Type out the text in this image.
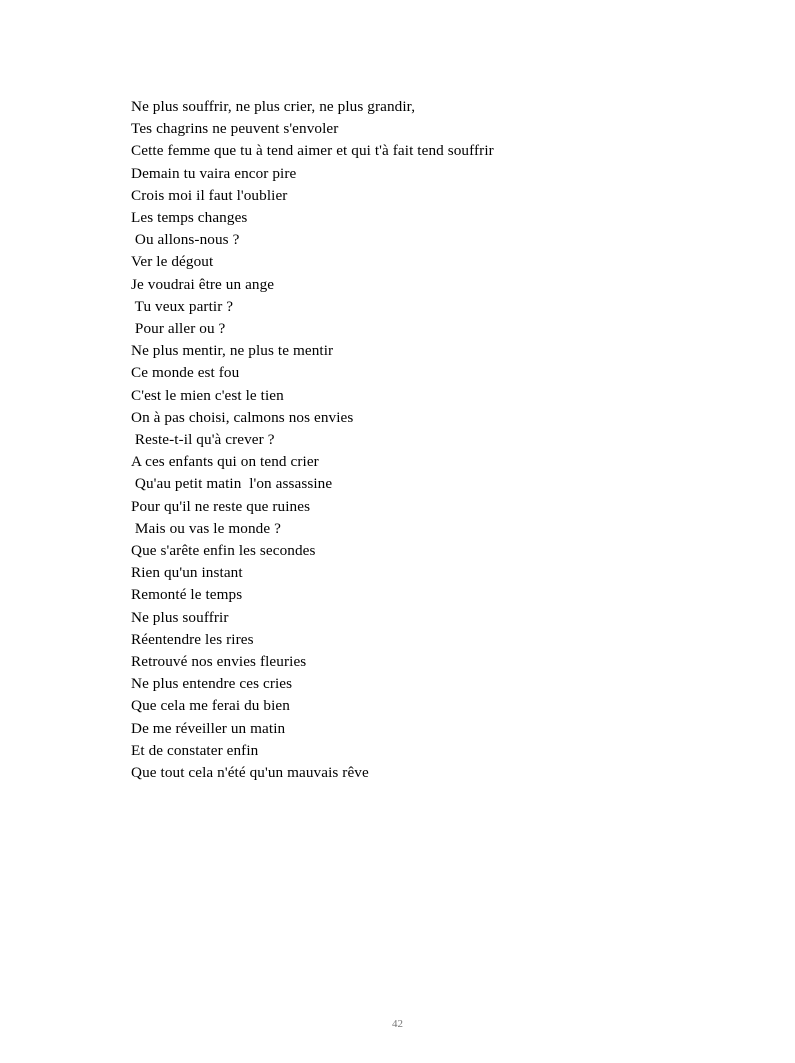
Ne plus souffrir, ne plus crier, ne plus grandir,
Tes chagrins ne peuvent s'envoler
Cette femme que tu à tend aimer et qui t'à fait tend souffrir
Demain tu vaira encor pire
Crois moi il faut l'oublier
Les temps changes
Ou allons-nous ?
Ver le dégout
Je voudrai être un ange
Tu veux partir ?
Pour aller ou ?
Ne plus mentir, ne plus te mentir
Ce monde est fou
C'est le mien c'est le tien
On à pas choisi, calmons nos envies
Reste-t-il qu'à crever ?
A ces enfants qui on tend crier
Qu'au petit matin  l'on assassine
Pour qu'il ne reste que ruines
Mais ou vas le monde ?
Que s'arête enfin les secondes
Rien qu'un instant
Remonté le temps
Ne plus souffrir
Réentendre les rires
Retrouvé nos envies fleuries
Ne plus entendre ces cries
Que cela me ferai du bien
De me réveiller un matin
Et de constater enfin
Que tout cela n'été qu'un mauvais rêve
42
